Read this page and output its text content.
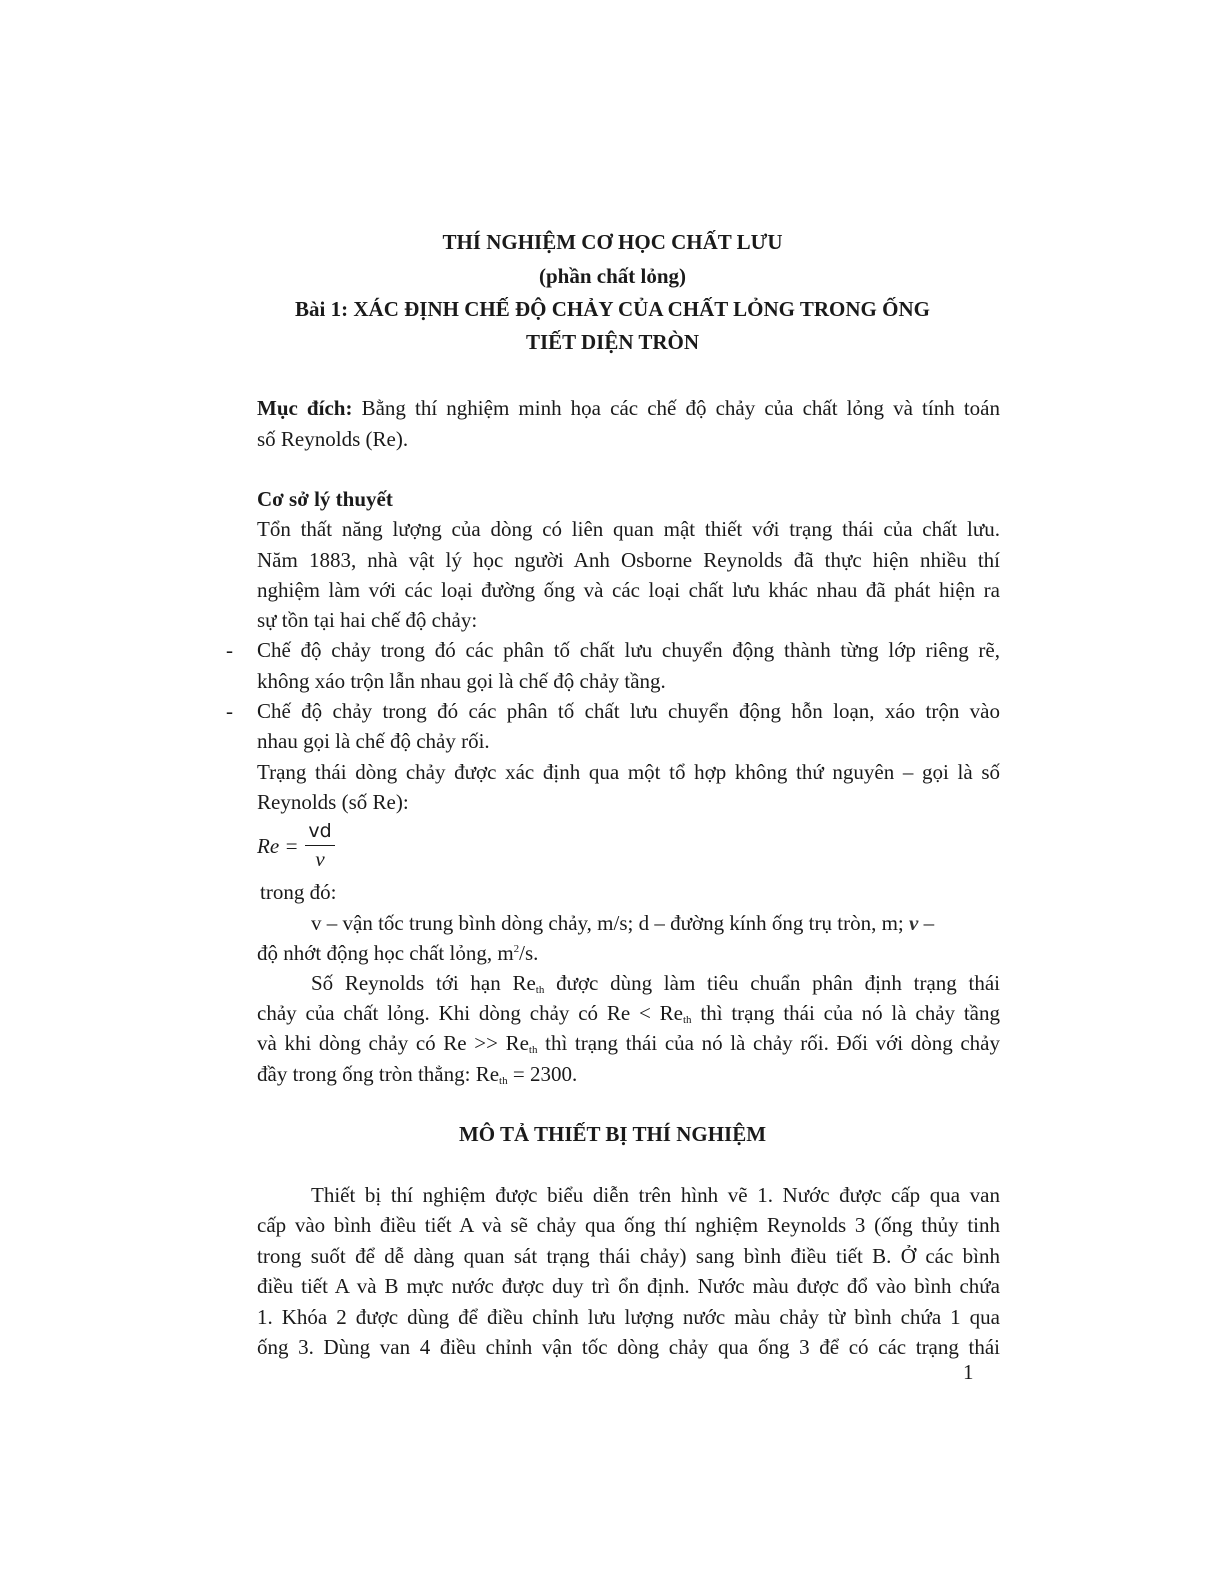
THÍ NGHIỆM CƠ HỌC CHẤT LƯU
(phần chất lỏng)
Bài 1: XÁC ĐỊNH CHẾ ĐỘ CHẢY CỦA CHẤT LỎNG TRONG ỐNG
TIẾT DIỆN TRÒN
Mục đích: Bằng thí nghiệm minh họa các chế độ chảy của chất lỏng và tính toán
số Reynolds (Re).
Cơ sở lý thuyết
Tổn thất năng lượng của dòng có liên quan mật thiết với trạng thái của chất lưu.
Năm 1883, nhà vật lý học người Anh Osborne Reynolds đã thực hiện nhiều thí
nghiệm làm với các loại đường ống và các loại chất lưu khác nhau đã phát hiện ra
sự tồn tại hai chế độ chảy:
- Chế độ chảy trong đó các phân tố chất lưu chuyển động thành từng lớp riêng rẽ,
không xáo trộn lẫn nhau gọi là chế độ chảy tầng.
- Chế độ chảy trong đó các phân tố chất lưu chuyển động hỗn loạn, xáo trộn vào
nhau gọi là chế độ chảy rối.
Trạng thái dòng chảy được xác định qua một tổ hợp không thứ nguyên – gọi là số
Reynolds (số Re):
Re =
vd
ν
trong đó:
v – vận tốc trung bình dòng chảy, m/s; d – đường kính ống trụ tròn, m; ν –
độ nhớt động học chất lỏng, $m^2/s$.
Số Reynolds tới hạn $Re_{th}$ được dùng làm tiêu chuẩn phân định trạng thái
chảy của chất lỏng. Khi dòng chảy có $Re < Re_{th}$ thì trạng thái của nó là chảy tầng
và khi dòng chảy có $Re >> Re_{th}$ thì trạng thái của nó là chảy rối. Đối với dòng chảy
đầy trong ống tròn thẳng: $Re_{th} = 2300$.
MÔ TẢ THIẾT BỊ THÍ NGHIỆM
Thiết bị thí nghiệm được biểu diễn trên hình vẽ 1. Nước được cấp qua van
cấp vào bình điều tiết A và sẽ chảy qua ống thí nghiệm Reynolds 3 (ống thủy tinh
trong suốt để dễ dàng quan sát trạng thái chảy) sang bình điều tiết B. Ở các bình
điều tiết A và B mực nước được duy trì ổn định. Nước màu được đổ vào bình chứa
1. Khóa 2 được dùng để điều chỉnh lưu lượng nước màu chảy từ bình chứa 1 qua
ống 3. Dùng van 4 điều chỉnh vận tốc dòng chảy qua ống 3 để có các trạng thái
1
